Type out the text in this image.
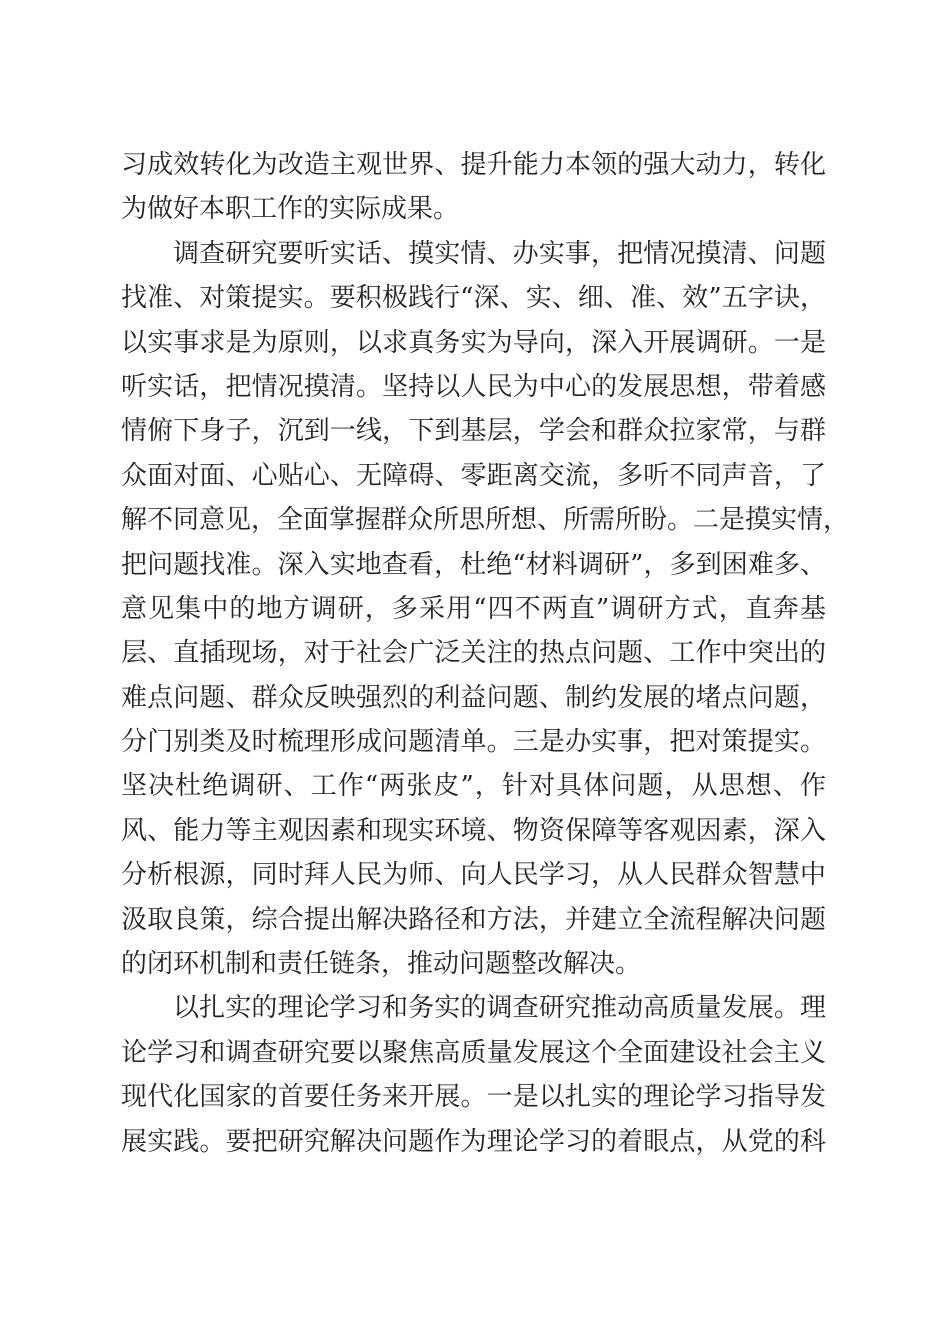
习成效转化为改造主观世界、提升能力本领的强大动力，转化
为做好本职工作的实际成果。
调查研究要听实话、摸实情、办实事，把情况摸清、问题
找准、对策提实。要积极践行“深、实、细、准、效”五字诀，
以实事求是为原则，以求真务实为导向，深入开展调研。一是
听实话，把情况摸清。坚持以人民为中心的发展思想，带着感
情俯下身子，沉到一线，下到基层，学会和群众拉家常，与群
众面对面、心贴心、无障碍、零距离交流，多听不同声音，了
解不同意见，全面掌握群众所思所想、所需所盼。二是摸实情，
把问题找准。深入实地查看，杜绝“材料调研”，多到困难多、
意见集中的地方调研，多采用“四不两直”调研方式，直奔基
层、直插现场，对于社会广泛关注的热点问题、工作中突出的
难点问题、群众反映强烈的利益问题、制约发展的堵点问题，
分门别类及时梳理形成问题清单。三是办实事，把对策提实。
坚决杜绝调研、工作“两张皮”，针对具体问题，从思想、作
风、能力等主观因素和现实环境、物资保障等客观因素，深入
分析根源，同时拜人民为师、向人民学习，从人民群众智慧中
汲取良策，综合提出解决路径和方法，并建立全流程解决问题
的闭环机制和责任链条，推动问题整改解决。
以扎实的理论学习和务实的调查研究推动高质量发展。理
论学习和调查研究要以聚焦高质量发展这个全面建设社会主义
现代化国家的首要任务来开展。一是以扎实的理论学习指导发
展实践。要把研究解决问题作为理论学习的着眼点，从党的科
